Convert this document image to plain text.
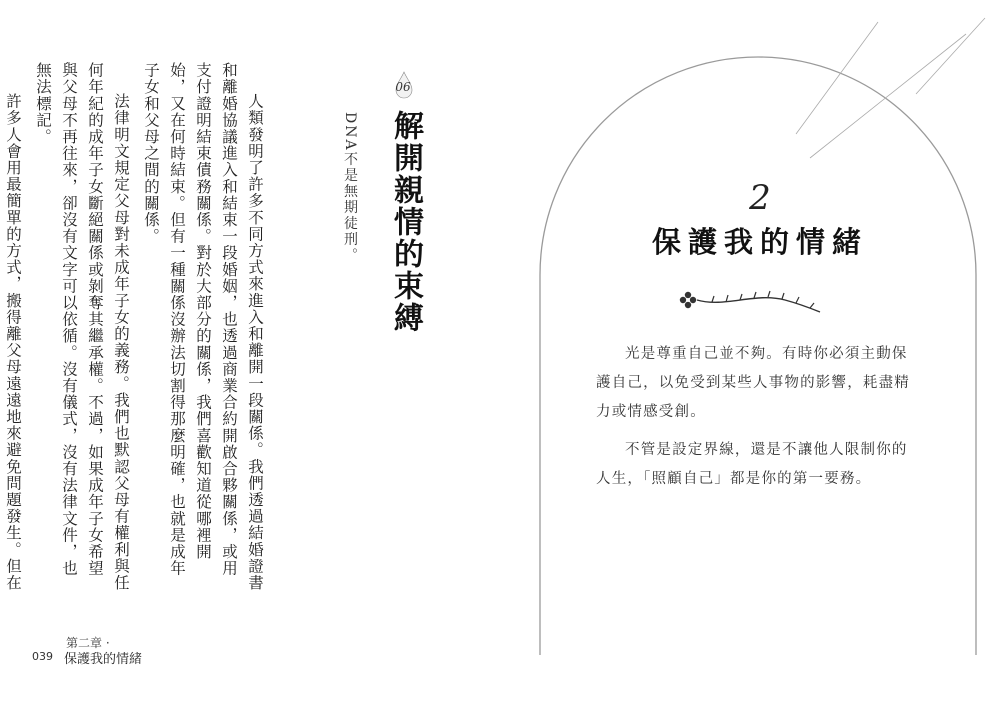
人類發明了許多不同方式來進入和離開一段關係。我們透過結婚證書和離婚協議進入和結束一段婚姻，也透過商業合約開啟合夥關係，或用支付證明結束債務關係。對於大部分的關係，我們喜歡知道從哪裡開始，又在何時結束。但有一種關係沒辦法切割得那麼明確，也就是成年子女和父母之間的關係。

法律明文規定父母對未成年子女的義務。我們也默認父母有權利與任何年紀的成年子女斷絕關係或剝奪其繼承權。不過，如果成年子女希望與父母不再往來，卻沒有文字可以依循。沒有儀式，沒有法律文件，也無法標記。

許多人會用最簡單的方式，搬得離父母遠遠地來避免問題發生。但在

06
解開親情的束縛
DNA不是無期徒刑。
039
第二章 ·
保護我的情緒
2
保護我的情緒

光是尊重自己並不夠。有時你必須主動保護自己，以免受到某些人事物的影響，耗盡精力或情感受創。

不管是設定界線，還是不讓他人限制你的人生，「照顧自己」都是你的第一要務。
